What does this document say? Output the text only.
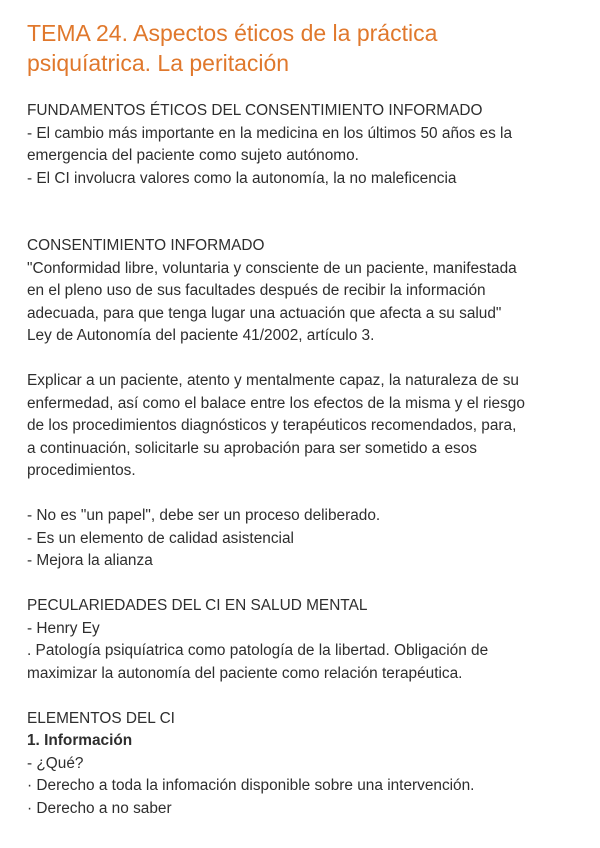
TEMA 24. Aspectos éticos de la práctica
psiquíatrica. La peritación

FUNDAMENTOS ÉTICOS DEL CONSENTIMIENTO INFORMADO

- El cambio más importante en la medicina en los últimos 50 años es la

emergencia del paciente como sujeto autónomo.

- El CI involucra valores como la autonomía, la no maleficencia

CONSENTIMIENTO INFORMADO

"Conformidad libre, voluntaria y consciente de un paciente, manifestada

en el pleno uso de sus facultades después de recibir la información

adecuada, para que tenga lugar una actuación que afecta a su salud"

Ley de Autonomía del paciente 41/2002, artículo 3.

Explicar a un paciente, atento y mentalmente capaz, la naturaleza de su

enfermedad, así como el balace entre los efectos de la misma y el riesgo

de los procedimientos diagnósticos y terapéuticos recomendados, para,

a continuación, solicitarle su aprobación para ser sometido a esos

procedimientos.

- No es "un papel", debe ser un proceso deliberado.

- Es un elemento de calidad asistencial

- Mejora la alianza

PECULARIEDADES DEL CI EN SALUD MENTAL

- Henry Ey

. Patología psiquíatrica como patología de la libertad. Obligación de

maximizar la autonomía del paciente como relación terapéutica.

ELEMENTOS DEL CI

1. Información

- ¿Qué?

· Derecho a toda la infomación disponible sobre una intervención.

· Derecho a no saber
